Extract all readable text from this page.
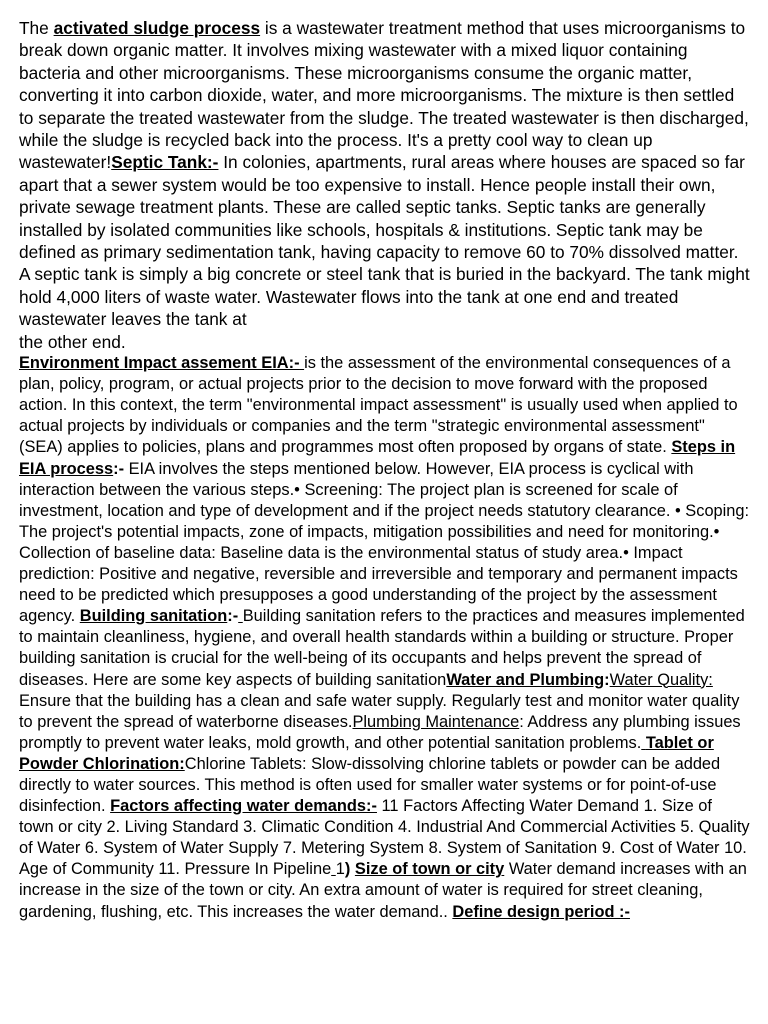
The activated sludge process is a wastewater treatment method that uses microorganisms to break down organic matter. It involves mixing wastewater with a mixed liquor containing bacteria and other microorganisms. These microorganisms consume the organic matter, converting it into carbon dioxide, water, and more microorganisms. The mixture is then settled to separate the treated wastewater from the sludge. The treated wastewater is then discharged, while the sludge is recycled back into the process. It's a pretty cool way to clean up wastewater!Septic Tank:- In colonies, apartments, rural areas where houses are spaced so far apart that a sewer system would be too expensive to install. Hence people install their own, private sewage treatment plants. These are called septic tanks. Septic tanks are generally installed by isolated communities like schools, hospitals & institutions. Septic tank may be defined as primary sedimentation tank, having capacity to remove 60 to 70% dissolved matter. A septic tank is simply a big concrete or steel tank that is buried in the backyard. The tank might hold 4,000 liters of waste water. Wastewater flows into the tank at one end and treated wastewater leaves the tank at
the other end.

Environment Impact assement EIA:- is the assessment of the environmental consequences of a plan, policy, program, or actual projects prior to the decision to move forward with the proposed action. In this context, the term "environmental impact assessment" is usually used when applied to actual projects by individuals or companies and the term "strategic environmental assessment" (SEA) applies to policies, plans and programmes most often proposed by organs of state. Steps in EIA process:- EIA involves the steps mentioned below. However, EIA process is cyclical with interaction between the various steps.• Screening: The project plan is screened for scale of investment, location and type of development and if the project needs statutory clearance. • Scoping: The project's potential impacts, zone of impacts, mitigation possibilities and need for monitoring.• Collection of baseline data: Baseline data is the environmental status of study area.• Impact prediction: Positive and negative, reversible and irreversible and temporary and permanent impacts need to be predicted which presupposes a good understanding of the project by the assessment agency. Building sanitation:- Building sanitation refers to the practices and measures implemented to maintain cleanliness, hygiene, and overall health standards within a building or structure. Proper building sanitation is crucial for the well-being of its occupants and helps prevent the spread of diseases. Here are some key aspects of building sanitationWater and Plumbing:Water Quality: Ensure that the building has a clean and safe water supply. Regularly test and monitor water quality to prevent the spread of waterborne diseases.Plumbing Maintenance: Address any plumbing issues promptly to prevent water leaks, mold growth, and other potential sanitation problems. Tablet or Powder Chlorination:Chlorine Tablets: Slow-dissolving chlorine tablets or powder can be added directly to water sources. This method is often used for smaller water systems or for point-of-use disinfection. Factors affecting water demands:- 11 Factors Affecting Water Demand 1. Size of town or city 2. Living Standard 3. Climatic Condition 4. Industrial And Commercial Activities 5. Quality of Water 6. System of Water Supply 7. Metering System 8. System of Sanitation 9. Cost of Water 10. Age of Community 11. Pressure In Pipeline 1) Size of town or city Water demand increases with an increase in the size of the town or city. An extra amount of water is required for street cleaning, gardening, flushing, etc. This increases the water demand.. Define design period :-
